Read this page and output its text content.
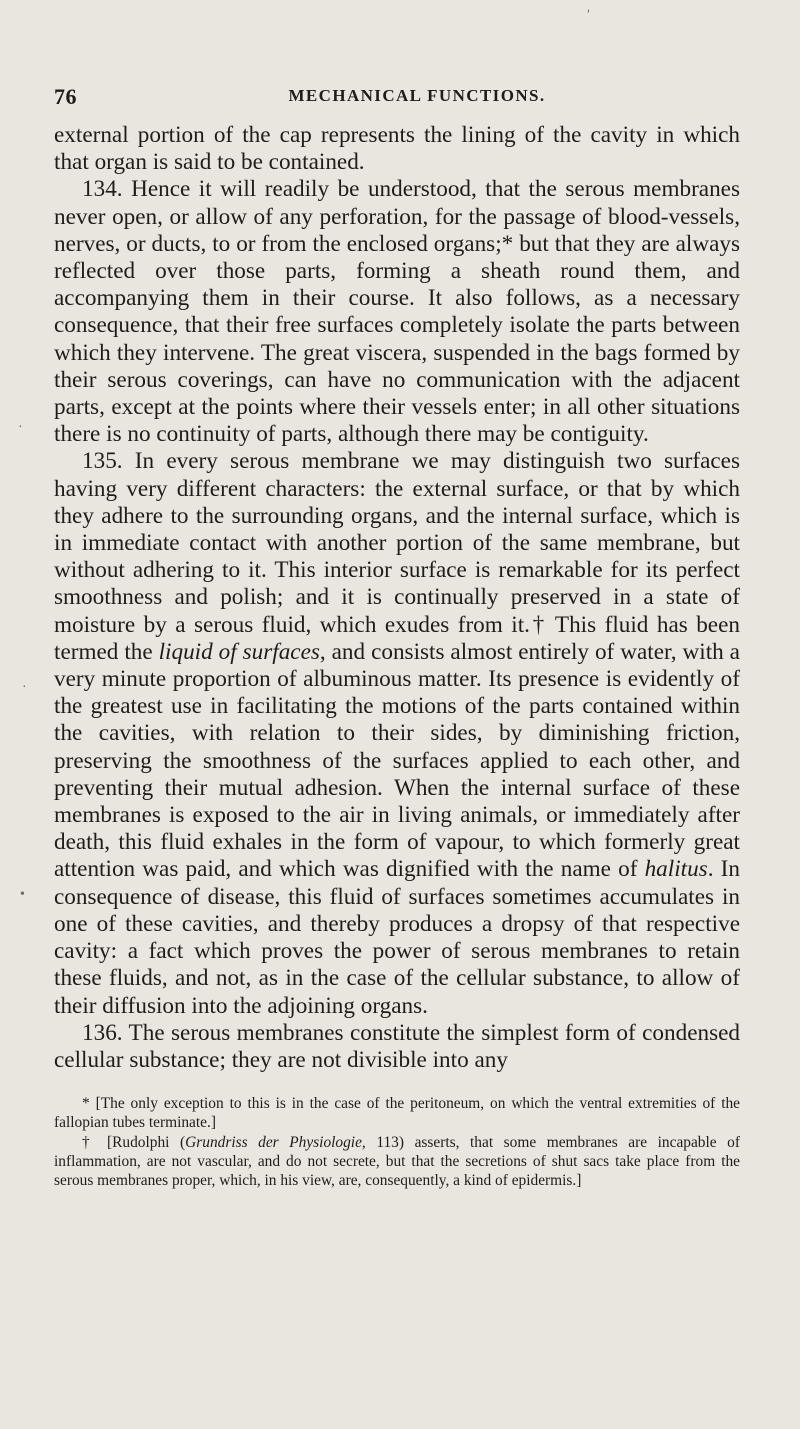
ʹ
·
·
•
76	MECHANICAL FUNCTIONS.

external portion of the cap represents the lining of the cavity in which that organ is said to be contained.

134. Hence it will readily be understood, that the serous membranes never open, or allow of any perforation, for the passage of blood-vessels, nerves, or ducts, to or from the enclosed organs;* but that they are always reflected over those parts, forming a sheath round them, and accompanying them in their course. It also follows, as a necessary consequence, that their free surfaces completely isolate the parts between which they intervene. The great viscera, suspended in the bags formed by their serous coverings, can have no communication with the adjacent parts, except at the points where their vessels enter; in all other situations there is no continuity of parts, although there may be contiguity.

135. In every serous membrane we may distinguish two surfaces having very different characters: the external surface, or that by which they adhere to the surrounding organs, and the internal surface, which is in immediate contact with another portion of the same membrane, but without adhering to it. This interior surface is remarkable for its perfect smoothness and polish; and it is continually preserved in a state of moisture by a serous fluid, which exudes from it.† This fluid has been termed the liquid of surfaces, and consists almost entirely of water, with a very minute proportion of albuminous matter. Its presence is evidently of the greatest use in facilitating the motions of the parts contained within the cavities, with relation to their sides, by diminishing friction, preserving the smoothness of the surfaces applied to each other, and preventing their mutual adhesion. When the internal surface of these membranes is exposed to the air in living animals, or immediately after death, this fluid exhales in the form of vapour, to which formerly great attention was paid, and which was dignified with the name of halitus. In consequence of disease, this fluid of surfaces sometimes accumulates in one of these cavities, and thereby produces a dropsy of that respective cavity: a fact which proves the power of serous membranes to retain these fluids, and not, as in the case of the cellular substance, to allow of their diffusion into the adjoining organs.

136. The serous membranes constitute the simplest form of condensed cellular substance; they are not divisible into any

* [The only exception to this is in the case of the peritoneum, on which the ventral extremities of the fallopian tubes terminate.]

† [Rudolphi (Grundriss der Physiologie, 113) asserts, that some membranes are incapable of inflammation, are not vascular, and do not secrete, but that the secretions of shut sacs take place from the serous membranes proper, which, in his view, are, consequently, a kind of epidermis.]
